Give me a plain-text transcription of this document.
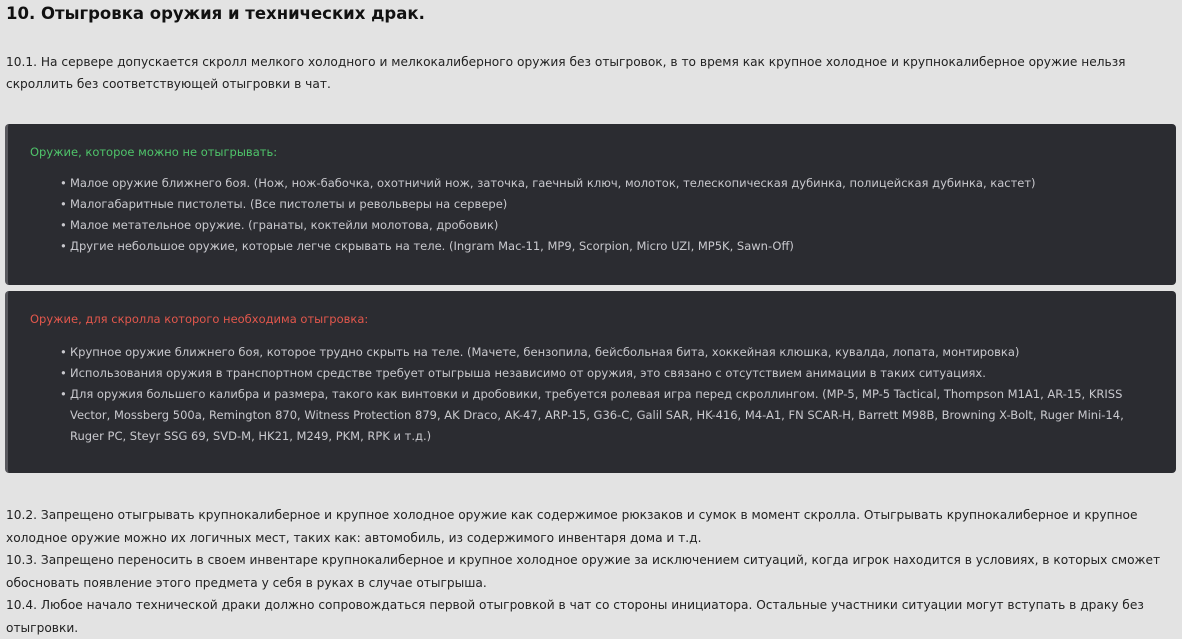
10. Отыгровка оружия и технических драк.

10.1. На сервере допускается скролл мелкого холодного и мелкокалиберного оружия без отыгровок, в то время как крупное холодное и крупнокалиберное оружие нельзя скроллить без соответствующей отыгровки в чат.

Оружие, которое можно не отыгрывать:
• Малое оружие ближнего боя. (Нож, нож-бабочка, охотничий нож, заточка, гаечный ключ, молоток, телескопическая дубинка, полицейская дубинка, кастет)
• Малогабаритные пистолеты. (Все пистолеты и револьверы на сервере)
• Малое метательное оружие. (гранаты, коктейли молотова, дробовик)
• Другие небольшое оружие, которые легче скрывать на теле. (Ingram Mac-11, MP9, Scorpion, Micro UZI, MP5K, Sawn-Off)
Оружие, для скролла которого необходима отыгровка:
• Крупное оружие ближнего боя, которое трудно скрыть на теле. (Мачете, бензопила, бейсбольная бита, хоккейная клюшка, кувалда, лопата, монтировка)
• Использования оружия в транспортном средстве требует отыгрыша независимо от оружия, это связано с отсутствием анимации в таких ситуациях.
• Для оружия большего калибра и размера, такого как винтовки и дробовики, требуется ролевая игра перед скроллингом. (MP-5, MP-5 Tactical, Thompson M1A1, AR-15, KRISS Vector, Mossberg 500a, Remington 870, Witness Protection 879, AK Draco, AK-47, ARP-15, G36-C, Galil SAR, HK-416, M4-A1, FN SCAR-H, Barrett M98B, Browning X-Bolt, Ruger Mini-14, Ruger PC, Steyr SSG 69, SVD-M, HK21, M249, PKM, RPK и т.д.)

10.2. Запрещено отыгрывать крупнокалиберное и крупное холодное оружие как содержимое рюкзаков и сумок в момент скролла. Отыгрывать крупнокалиберное и крупное холодное оружие можно их логичных мест, таких как: автомобиль, из содержимого инвентаря дома и т.д.

10.3. Запрещено переносить в своем инвентаре крупнокалиберное и крупное холодное оружие за исключением ситуаций, когда игрок находится в условиях, в которых сможет обосновать появление этого предмета у себя в руках в случае отыгрыша.

10.4. Любое начало технической драки должно сопровождаться первой отыгровкой в чат со стороны инициатора. Остальные участники ситуации могут вступать в драку без отыгровки.
